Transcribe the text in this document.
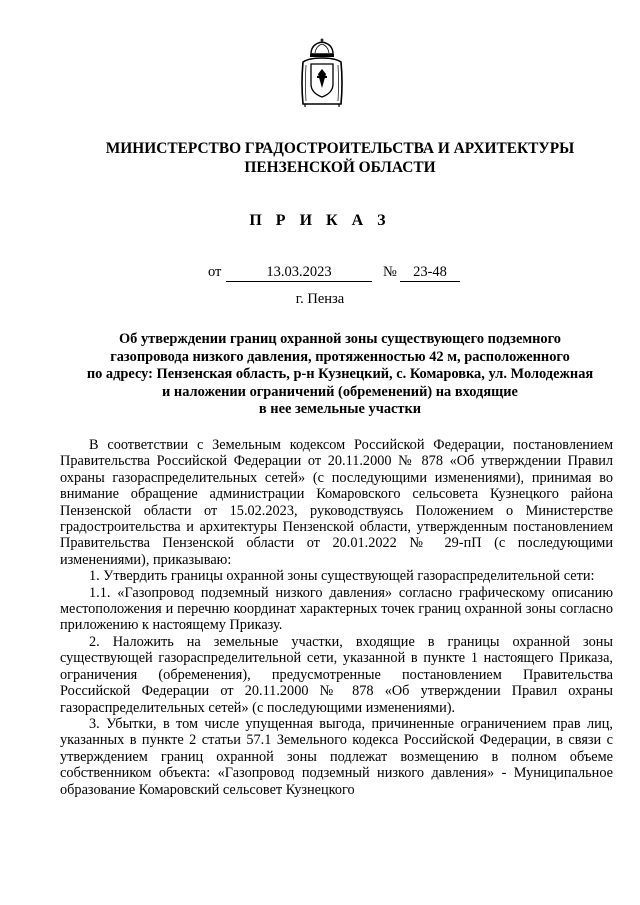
МИНИСТЕРСТВО ГРАДОСТРОИТЕЛЬСТВА И АРХИТЕКТУРЫ
ПЕНЗЕНСКОЙ ОБЛАСТИ
П Р И К А З
от	13.03.2023	№	23-48
г. Пенза
Об утверждении границ охранной зоны существующего подземного
газопровода низкого давления, протяженностью 42 м, расположенного
по адресу: Пензенская область, р-н Кузнецкий, с. Комаровка, ул. Молодежная
и наложении ограничений (обременений) на входящие
в нее земельные участки

В соответствии с Земельным кодексом Российской Федерации, постановлением Правительства Российской Федерации от 20.11.2000 № 878 «Об утверждении Правил охраны газораспределительных сетей» (с последующими изменениями), принимая во внимание обращение администрации Комаровского сельсовета Кузнецкого района Пензенской области от 15.02.2023, руководствуясь Положением о Министерстве градостроительства и архитектуры Пензенской области, утвержденным постановлением Правительства Пензенской области от 20.01.2022 № 29-пП (с последующими изменениями), приказываю:

1. Утвердить границы охранной зоны существующей газораспределительной сети:

1.1. «Газопровод подземный низкого давления» согласно графическому описанию местоположения и перечню координат характерных точек границ охранной зоны согласно приложению к настоящему Приказу.

2. Наложить на земельные участки, входящие в границы охранной зоны существующей газораспределительной сети, указанной в пункте 1 настоящего Приказа, ограничения (обременения), предусмотренные постановлением Правительства Российской Федерации от 20.11.2000 № 878 «Об утверждении Правил охраны газораспределительных сетей» (с последующими изменениями).

3. Убытки, в том числе упущенная выгода, причиненные ограничением прав лиц, указанных в пункте 2 статьи 57.1 Земельного кодекса Российской Федерации, в связи с утверждением границ охранной зоны подлежат возмещению в полном объеме собственником объекта: «Газопровод подземный низкого давления» - Муниципальное образование Комаровский сельсовет Кузнецкого
